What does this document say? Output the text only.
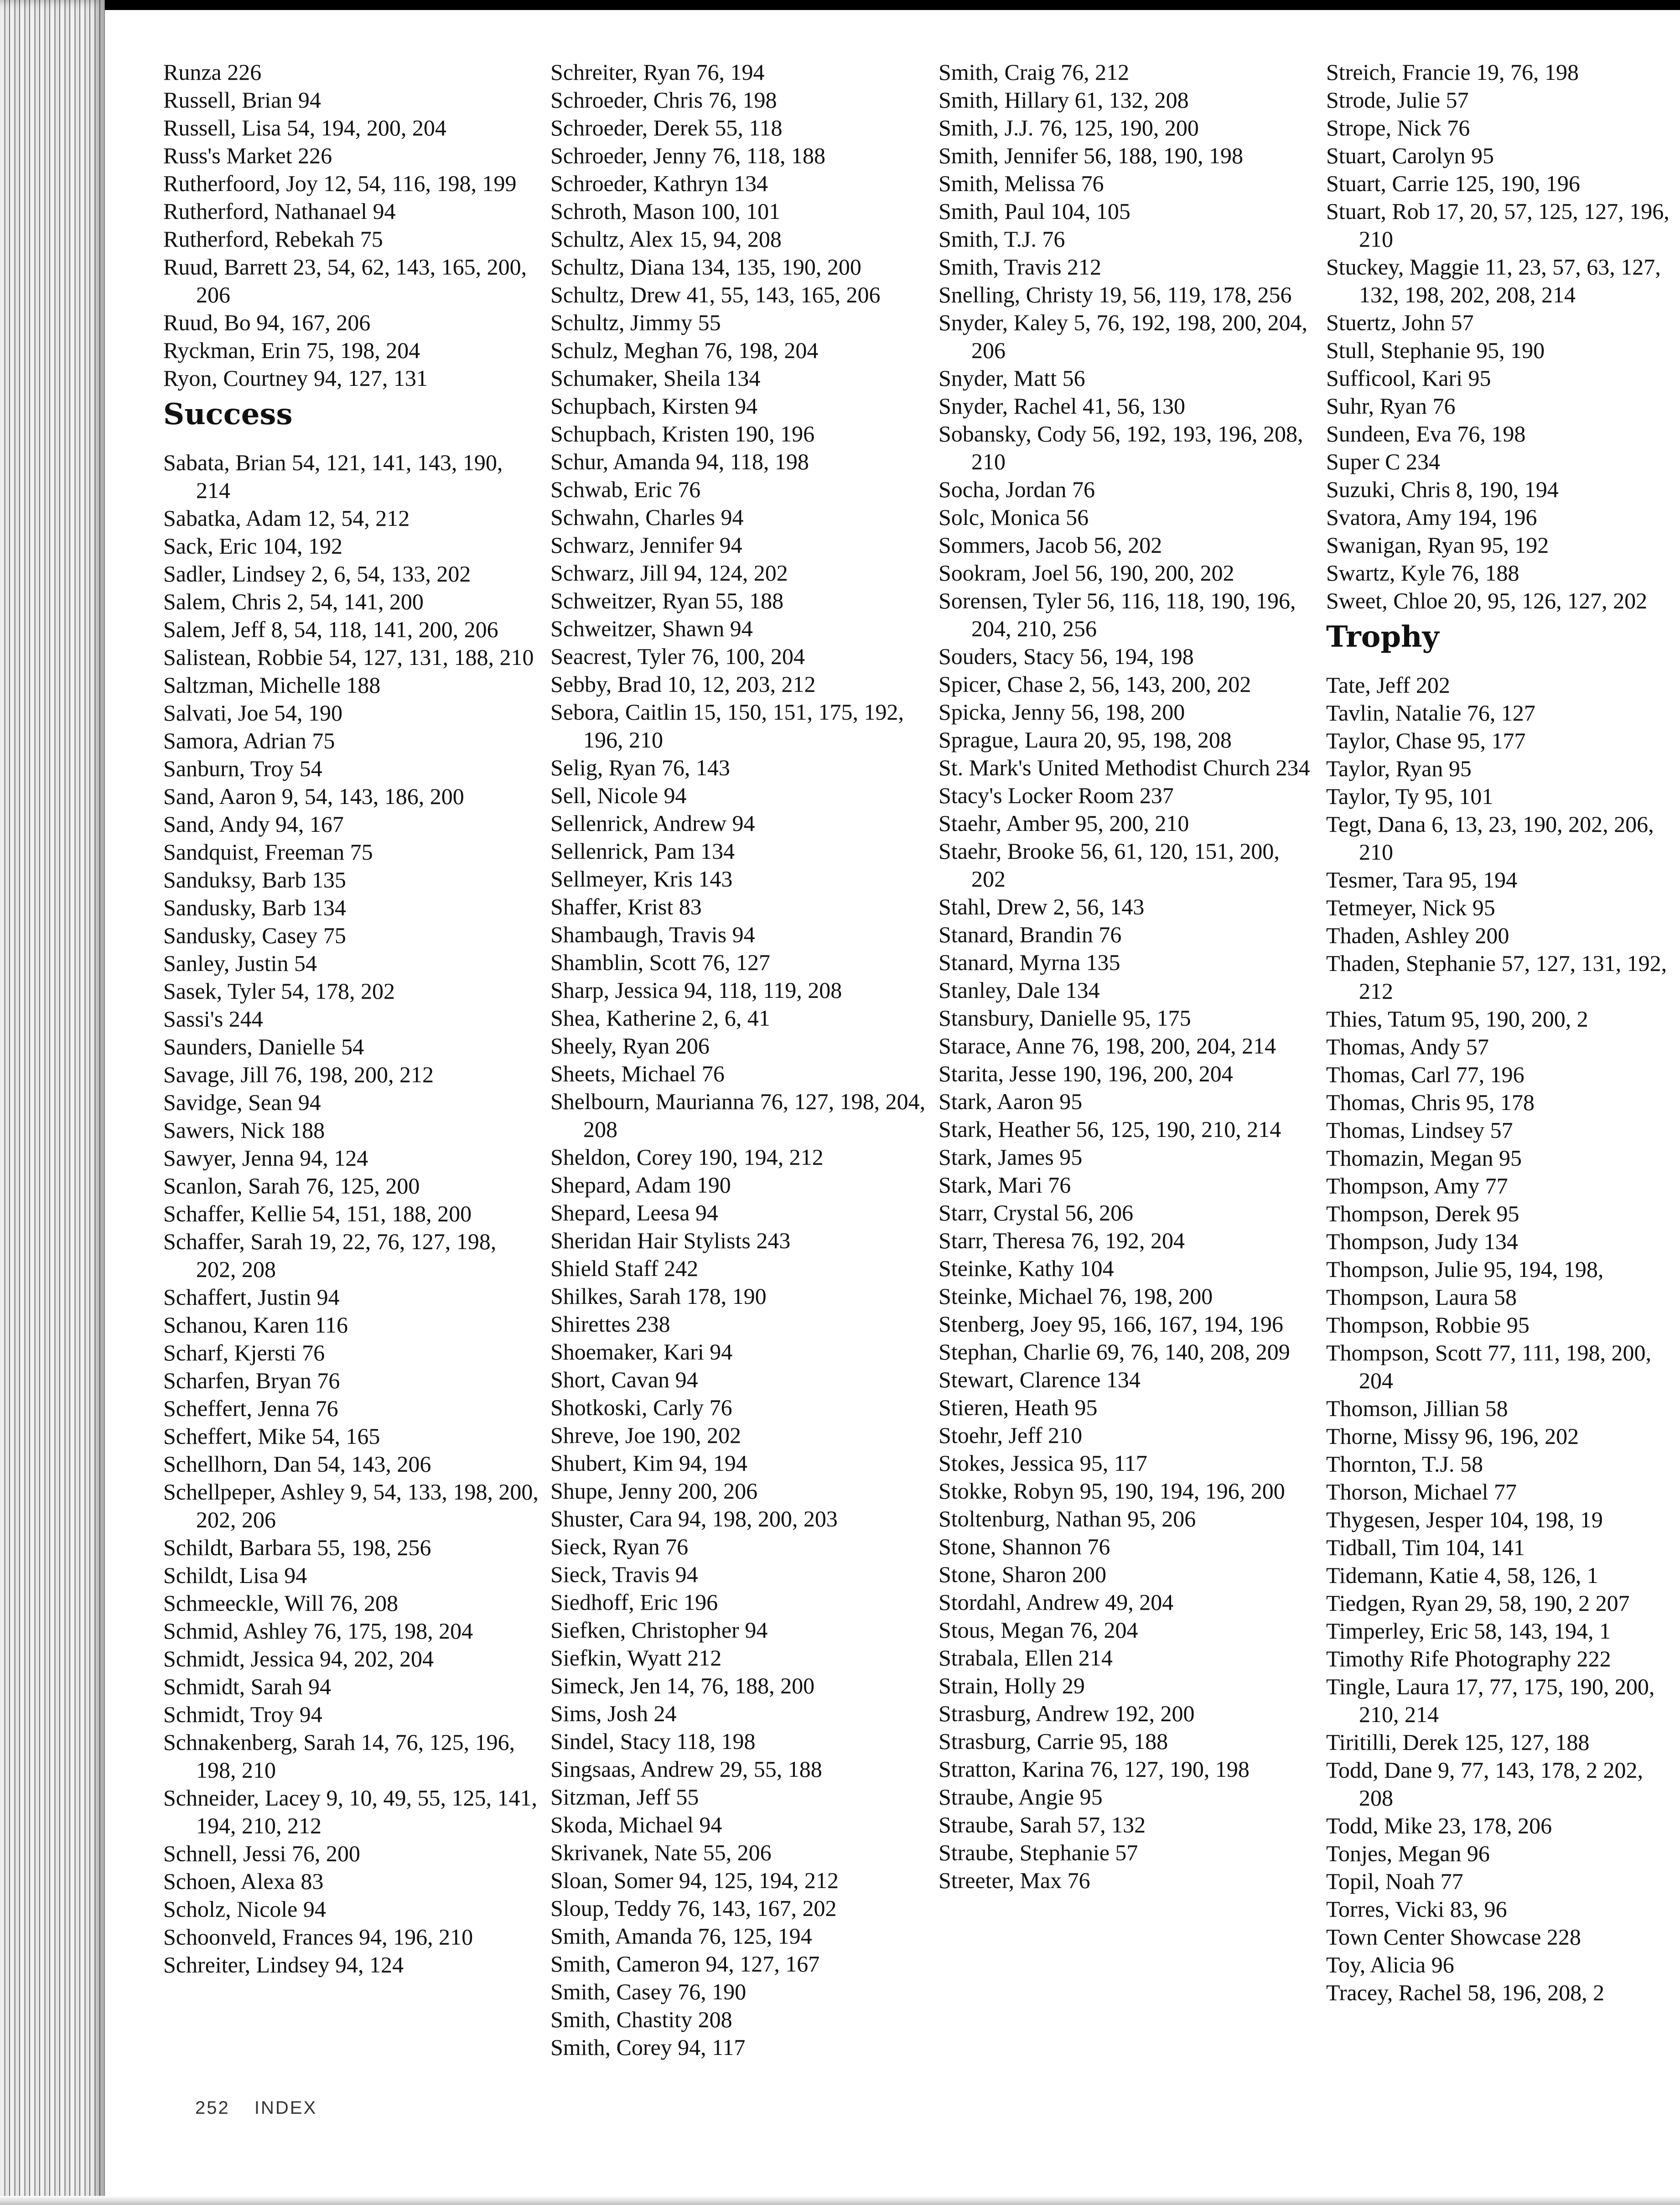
Runza 226
Russell, Brian 94
Russell, Lisa 54, 194, 200, 204
Russ's Market 226
Rutherfoord, Joy 12, 54, 116, 198, 199
Rutherford, Nathanael 94
Rutherford, Rebekah 75
Ruud, Barrett 23, 54, 62, 143, 165, 200, 206
Ruud, Bo 94, 167, 206
Ryckman, Erin 75, 198, 204
Ryon, Courtney 94, 127, 131
Success
Sabata, Brian 54, 121, 141, 143, 190, 214
Sabatka, Adam 12, 54, 212
Sack, Eric 104, 192
Sadler, Lindsey 2, 6, 54, 133, 202
Salem, Chris 2, 54, 141, 200
Salem, Jeff 8, 54, 118, 141, 200, 206
Salistean, Robbie 54, 127, 131, 188, 210
Saltzman, Michelle 188
Salvati, Joe 54, 190
Samora, Adrian 75
Sanburn, Troy 54
Sand, Aaron 9, 54, 143, 186, 200
Sand, Andy 94, 167
Sandquist, Freeman 75
Sanduksy, Barb 135
Sandusky, Barb 134
Sandusky, Casey 75
Sanley, Justin 54
Sasek, Tyler 54, 178, 202
Sassi's 244
Saunders, Danielle 54
Savage, Jill 76, 198, 200, 212
Savidge, Sean 94
Sawers, Nick 188
Sawyer, Jenna 94, 124
Scanlon, Sarah 76, 125, 200
Schaffer, Kellie 54, 151, 188, 200
Schaffer, Sarah 19, 22, 76, 127, 198, 202, 208
Schaffert, Justin 94
Schanou, Karen 116
Scharf, Kjersti 76
Scharfen, Bryan 76
Scheffert, Jenna 76
Scheffert, Mike 54, 165
Schellhorn, Dan 54, 143, 206
Schellpeper, Ashley 9, 54, 133, 198, 200, 202, 206
Schildt, Barbara 55, 198, 256
Schildt, Lisa 94
Schmeeckle, Will 76, 208
Schmid, Ashley 76, 175, 198, 204
Schmidt, Jessica 94, 202, 204
Schmidt, Sarah 94
Schmidt, Troy 94
Schnakenberg, Sarah 14, 76, 125, 196, 198, 210
Schneider, Lacey 9, 10, 49, 55, 125, 141, 194, 210, 212
Schnell, Jessi 76, 200
Schoen, Alexa 83
Scholz, Nicole 94
Schoonveld, Frances 94, 196, 210
Schreiter, Lindsey 94, 124
Schreiter, Ryan 76, 194
Schroeder, Chris 76, 198
Schroeder, Derek 55, 118
Schroeder, Jenny 76, 118, 188
Schroeder, Kathryn 134
Schroth, Mason 100, 101
Schultz, Alex 15, 94, 208
Schultz, Diana 134, 135, 190, 200
Schultz, Drew 41, 55, 143, 165, 206
Schultz, Jimmy 55
Schulz, Meghan 76, 198, 204
Schumaker, Sheila 134
Schupbach, Kirsten 94
Schupbach, Kristen 190, 196
Schur, Amanda 94, 118, 198
Schwab, Eric 76
Schwahn, Charles 94
Schwarz, Jennifer 94
Schwarz, Jill 94, 124, 202
Schweitzer, Ryan 55, 188
Schweitzer, Shawn 94
Seacrest, Tyler 76, 100, 204
Sebby, Brad 10, 12, 203, 212
Sebora, Caitlin 15, 150, 151, 175, 192, 196, 210
Selig, Ryan 76, 143
Sell, Nicole 94
Sellenrick, Andrew 94
Sellenrick, Pam 134
Sellmeyer, Kris 143
Shaffer, Krist 83
Shambaugh, Travis 94
Shamblin, Scott 76, 127
Sharp, Jessica 94, 118, 119, 208
Shea, Katherine 2, 6, 41
Sheely, Ryan 206
Sheets, Michael 76
Shelbourn, Maurianna 76, 127, 198, 204, 208
Sheldon, Corey 190, 194, 212
Shepard, Adam 190
Shepard, Leesa 94
Sheridan Hair Stylists 243
Shield Staff 242
Shilkes, Sarah 178, 190
Shirettes 238
Shoemaker, Kari 94
Short, Cavan 94
Shotkoski, Carly 76
Shreve, Joe 190, 202
Shubert, Kim 94, 194
Shupe, Jenny 200, 206
Shuster, Cara 94, 198, 200, 203
Sieck, Ryan 76
Sieck, Travis 94
Siedhoff, Eric 196
Siefken, Christopher 94
Siefkin, Wyatt 212
Simeck, Jen 14, 76, 188, 200
Sims, Josh 24
Sindel, Stacy 118, 198
Singsaas, Andrew 29, 55, 188
Sitzman, Jeff 55
Skoda, Michael 94
Skrivanek, Nate 55, 206
Sloan, Somer 94, 125, 194, 212
Sloup, Teddy 76, 143, 167, 202
Smith, Amanda 76, 125, 194
Smith, Cameron 94, 127, 167
Smith, Casey 76, 190
Smith, Chastity 208
Smith, Corey 94, 117
Smith, Craig 76, 212
Smith, Hillary 61, 132, 208
Smith, J.J. 76, 125, 190, 200
Smith, Jennifer 56, 188, 190, 198
Smith, Melissa 76
Smith, Paul 104, 105
Smith, T.J. 76
Smith, Travis 212
Snelling, Christy 19, 56, 119, 178, 256
Snyder, Kaley 5, 76, 192, 198, 200, 204, 206
Snyder, Matt 56
Snyder, Rachel 41, 56, 130
Sobansky, Cody 56, 192, 193, 196, 208, 210
Socha, Jordan 76
Solc, Monica 56
Sommers, Jacob 56, 202
Sookram, Joel 56, 190, 200, 202
Sorensen, Tyler 56, 116, 118, 190, 196, 204, 210, 256
Souders, Stacy 56, 194, 198
Spicer, Chase 2, 56, 143, 200, 202
Spicka, Jenny 56, 198, 200
Sprague, Laura 20, 95, 198, 208
St. Mark's United Methodist Church 234
Stacy's Locker Room 237
Staehr, Amber 95, 200, 210
Staehr, Brooke 56, 61, 120, 151, 200, 202
Stahl, Drew 2, 56, 143
Stanard, Brandin 76
Stanard, Myrna 135
Stanley, Dale 134
Stansbury, Danielle 95, 175
Starace, Anne 76, 198, 200, 204, 214
Starita, Jesse 190, 196, 200, 204
Stark, Aaron 95
Stark, Heather 56, 125, 190, 210, 214
Stark, James 95
Stark, Mari 76
Starr, Crystal 56, 206
Starr, Theresa 76, 192, 204
Steinke, Kathy 104
Steinke, Michael 76, 198, 200
Stenberg, Joey 95, 166, 167, 194, 196
Stephan, Charlie 69, 76, 140, 208, 209
Stewart, Clarence 134
Stieren, Heath 95
Stoehr, Jeff 210
Stokes, Jessica 95, 117
Stokke, Robyn 95, 190, 194, 196, 200
Stoltenburg, Nathan 95, 206
Stone, Shannon 76
Stone, Sharon 200
Stordahl, Andrew 49, 204
Stous, Megan 76, 204
Strabala, Ellen 214
Strain, Holly 29
Strasburg, Andrew 192, 200
Strasburg, Carrie 95, 188
Stratton, Karina 76, 127, 190, 198
Straube, Angie 95
Straube, Sarah 57, 132
Straube, Stephanie 57
Streeter, Max 76
Streich, Francie 19, 76, 198
Strode, Julie 57
Strope, Nick 76
Stuart, Carolyn 95
Stuart, Carrie 125, 190, 196
Stuart, Rob 17, 20, 57, 125, 127, 196, 210
Stuckey, Maggie 11, 23, 57, 63, 127, 132, 198, 202, 208, 214
Stuertz, John 57
Stull, Stephanie 95, 190
Sufficool, Kari 95
Suhr, Ryan 76
Sundeen, Eva 76, 198
Super C 234
Suzuki, Chris 8, 190, 194
Svatora, Amy 194, 196
Swanigan, Ryan 95, 192
Swartz, Kyle 76, 188
Sweet, Chloe 20, 95, 126, 127, 202
Trophy
Tate, Jeff 202
Tavlin, Natalie 76, 127
Taylor, Chase 95, 177
Taylor, Ryan 95
Taylor, Ty 95, 101
Tegt, Dana 6, 13, 23, 190, 202, 206, 210
Tesmer, Tara 95, 194
Tetmeyer, Nick 95
Thaden, Ashley 200
Thaden, Stephanie 57, 127, 131, 192, 212
Thies, Tatum 95, 190, 200, 2
Thomas, Andy 57
Thomas, Carl 77, 196
Thomas, Chris 95, 178
Thomas, Lindsey 57
Thomazin, Megan 95
Thompson, Amy 77
Thompson, Derek 95
Thompson, Judy 134
Thompson, Julie 95, 194, 198,
Thompson, Laura 58
Thompson, Robbie 95
Thompson, Scott 77, 111, 198, 200, 204
Thomson, Jillian 58
Thorne, Missy 96, 196, 202
Thornton, T.J. 58
Thorson, Michael 77
Thygesen, Jesper 104, 198, 19
Tidball, Tim 104, 141
Tidemann, Katie 4, 58, 126, 1
Tiedgen, Ryan 29, 58, 190, 2 207
Timperley, Eric 58, 143, 194, 1
Timothy Rife Photography 222
Tingle, Laura 17, 77, 175, 190, 200, 210, 214
Tiritilli, Derek 125, 127, 188
Todd, Dane 9, 77, 143, 178, 2 202, 208
Todd, Mike 23, 178, 206
Tonjes, Megan 96
Topil, Noah 77
Torres, Vicki 83, 96
Town Center Showcase 228
Toy, Alicia 96
Tracey, Rachel 58, 196, 208, 2
252 INDEX
